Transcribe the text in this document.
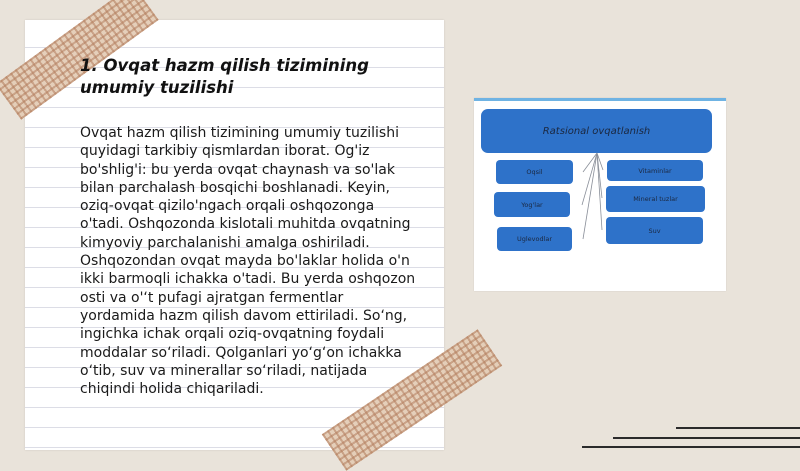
1. Ovqat hazm qilish tizimining umumiy tuzilishi

Ovqat hazm qilish tizimining umumiy tuzilishi quyidagi tarkibiy qismlardan iborat. Og'iz bo'shlig'i: bu yerda ovqat chaynash va so'lak bilan parchalash bosqichi boshlanadi. Keyin, oziq-ovqat qizilo'ngach orqali oshqozonga o'tadi. Oshqozonda kislotali muhitda ovqatning kimyoviy parchalanishi amalga oshiriladi. Oshqozondan ovqat mayda bo'laklar holida o'n ikki barmoqli ichakka o'tadi. Bu yerda oshqozon osti va o'‘t pufagi ajratgan fermentlar yordamida hazm qilish davom ettiriladi. So‘ng, ingichka ichak orqali oziq-ovqatning foydali moddalar so‘riladi. Qolganlari yo‘g‘on ichakka o‘tib, suv va minerallar so‘riladi, natijada chiqindi holida chiqariladi.

Ratsional ovqatlanish
Oqsil
Yog'lar
Uglevodlar
Vitaminlar
Mineral tuzlar
Suv
